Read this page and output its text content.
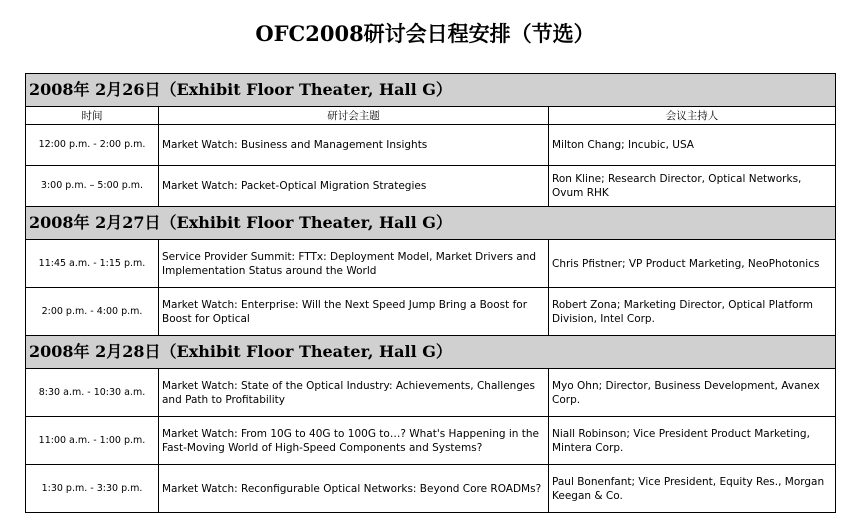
OFC2008研讨会日程安排（节选）
2008年 2月26日（Exhibit Floor Theater, Hall G）		
时间	研讨会主题	会议主持人
12:00 p.m. - 2:00 p.m.	Market Watch: Business and Management Insights	Milton Chang; Incubic, USA
3:00 p.m. – 5:00 p.m.	Market Watch: Packet-Optical Migration Strategies	Ron Kline; Research Director, Optical Networks, Ovum RHK
2008年 2月27日（Exhibit Floor Theater, Hall G）		
11:45 a.m. - 1:15 p.m.	Service Provider Summit: FTTx: Deployment Model, Market Drivers and Implementation Status around the World	Chris Pfistner; VP Product Marketing, NeoPhotonics
2:00 p.m. - 4:00 p.m.	Market Watch: Enterprise: Will the Next Speed Jump Bring a Boost for Boost for Optical	Robert Zona; Marketing Director, Optical Platform Division, Intel Corp.
2008年 2月28日（Exhibit Floor Theater, Hall G）		
8:30 a.m. - 10:30 a.m.	Market Watch: State of the Optical Industry: Achievements, Challenges and Path to Profitability	Myo Ohn; Director, Business Development, Avanex Corp.
11:00 a.m. - 1:00 p.m.	Market Watch: From 10G to 40G to 100G to…? What's Happening in the Fast-Moving World of High-Speed Components and Systems?	Niall Robinson; Vice President Product Marketing, Mintera Corp.
1:30 p.m. - 3:30 p.m.	Market Watch: Reconfigurable Optical Networks: Beyond Core ROADMs?	Paul Bonenfant; Vice President, Equity Res., Morgan Keegan & Co.
